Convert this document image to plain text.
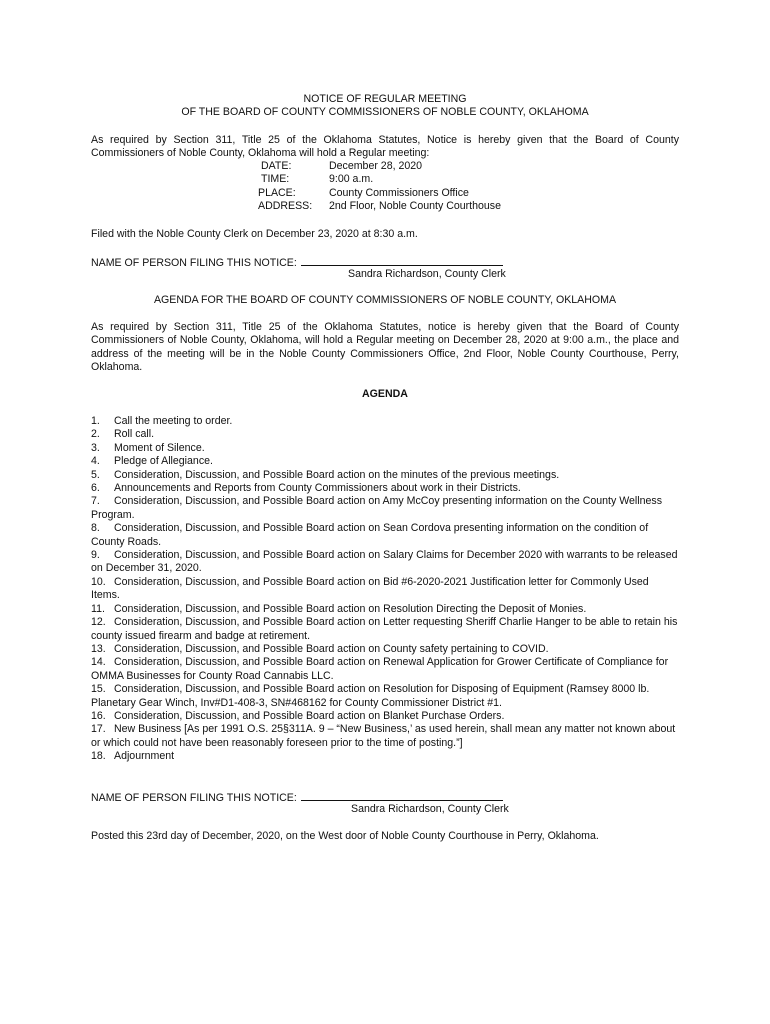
NOTICE OF REGULAR MEETING
OF THE BOARD OF COUNTY COMMISSIONERS OF NOBLE COUNTY, OKLAHOMA
As required by Section 311, Title 25 of the Oklahoma Statutes, Notice is hereby given that the Board of County Commissioners of Noble County, Oklahoma will hold a Regular meeting:
DATE:	December 28, 2020
TIME:	9:00 a.m.
PLACE:	County Commissioners Office
ADDRESS:	2nd Floor, Noble County Courthouse
Filed with the Noble County Clerk on December 23, 2020 at 8:30 a.m.
NAME OF PERSON FILING THIS NOTICE:
Sandra Richardson, County Clerk
AGENDA FOR THE BOARD OF COUNTY COMMISSIONERS OF NOBLE COUNTY, OKLAHOMA
As required by Section 311, Title 25 of the Oklahoma Statutes, notice is hereby given that the Board of County Commissioners of Noble County, Oklahoma, will hold a Regular meeting on December 28, 2020 at 9:00 a.m., the place and address of the meeting will be in the Noble County Commissioners Office, 2nd Floor, Noble County Courthouse, Perry, Oklahoma.
AGENDA
1. Call the meeting to order.
2. Roll call.
3. Moment of Silence.
4. Pledge of Allegiance.
5. Consideration, Discussion, and Possible Board action on the minutes of the previous meetings.
6. Announcements and Reports from County Commissioners about work in their Districts.
7. Consideration, Discussion, and Possible Board action on Amy McCoy presenting information on the County Wellness Program.
8. Consideration, Discussion, and Possible Board action on Sean Cordova presenting information on the condition of County Roads.
9. Consideration, Discussion, and Possible Board action on Salary Claims for December 2020 with warrants to be released on December 31, 2020.
10. Consideration, Discussion, and Possible Board action on Bid #6-2020-2021 Justification letter for Commonly Used Items.
11. Consideration, Discussion, and Possible Board action on Resolution Directing the Deposit of Monies.
12. Consideration, Discussion, and Possible Board action on Letter requesting Sheriff Charlie Hanger to be able to retain his county issued firearm and badge at retirement.
13. Consideration, Discussion, and Possible Board action on County safety pertaining to COVID.
14. Consideration, Discussion, and Possible Board action on Renewal Application for Grower Certificate of Compliance for OMMA Businesses for County Road Cannabis LLC.
15. Consideration, Discussion, and Possible Board action on Resolution for Disposing of Equipment (Ramsey 8000 lb. Planetary Gear Winch, Inv#D1-408-3, SN#468162 for County Commissioner District #1.
16. Consideration, Discussion, and Possible Board action on Blanket Purchase Orders.
17. New Business [As per 1991 O.S. 25§311A. 9 – “New Business,’ as used herein, shall mean any matter not known about or which could not have been reasonably foreseen prior to the time of posting.”]
18. Adjournment
NAME OF PERSON FILING THIS NOTICE:
Sandra Richardson, County Clerk
Posted this 23rd day of December, 2020, on the West door of Noble County Courthouse in Perry, Oklahoma.
